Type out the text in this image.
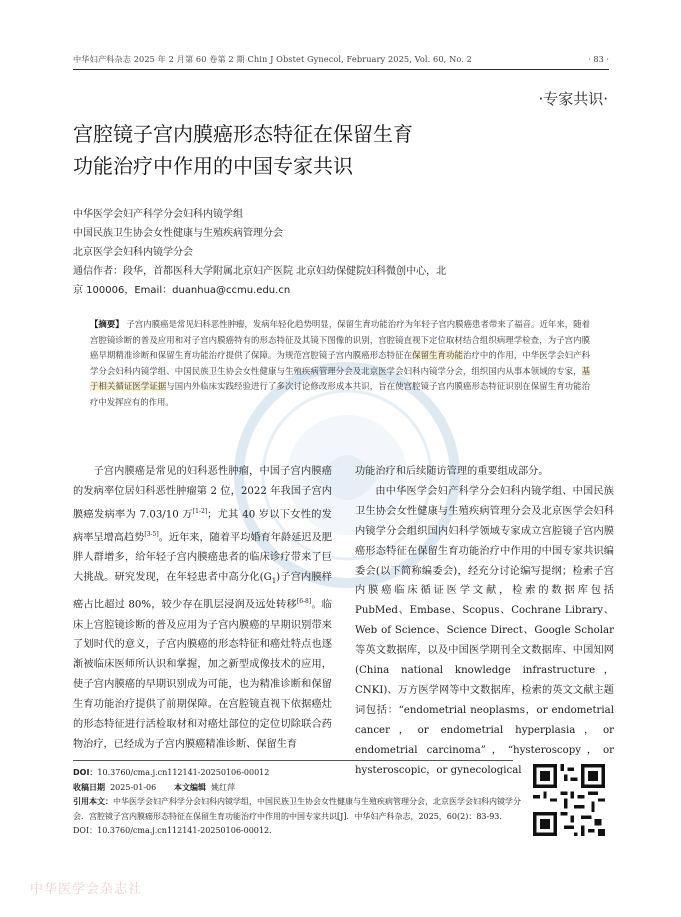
中华妇产科杂志 2025 年 2 月第 60 卷第 2 期 Chin J Obstet Gynecol, February 2025, Vol. 60, No. 2	· 83 ·
·专家共识·
宫腔镜子宫内膜癌形态特征在保留生育
功能治疗中作用的中国专家共识
中华医学会妇产科学分会妇科内镜学组
中国民族卫生协会女性健康与生殖疾病管理分会
北京医学会妇科内镜学分会
通信作者：段华，首都医科大学附属北京妇产医院 北京妇幼保健院妇科微创中心，北
京 100006，Email：duanhua@ccmu.edu.cn
【摘要】 子宫内膜癌是常见妇科恶性肿瘤，发病年轻化趋势明显，保留生育功能治疗为年轻子宫内膜癌患者带来了福音。近年来，随着宫腔镜诊断的普及应用和对子宫内膜癌特有的形态特征及其镜下图像的识别，宫腔镜直视下定位取材结合组织病理学检查，为子宫内膜癌早期精准诊断和保留生育功能治疗提供了保障。为规范宫腔镜子宫内膜癌形态特征在保留生育功能治疗中的作用，中华医学会妇产科学分会妇科内镜学组、中国民族卫生协会女性健康与生殖疾病管理分会及北京医学会妇科内镜学分会，组织国内从事本领域的专家，基于相关循证医学证据与国内外临床实践经验进行了多次讨论修改形成本共识，旨在使宫腔镜子宫内膜癌形态特征识别在保留生育功能治疗中发挥应有的作用。

子宫内膜癌是常见的妇科恶性肿瘤，中国子宫内膜癌的发病率位居妇科恶性肿瘤第 2 位，2022 年我国子宫内膜癌发病率为 7.03/10 万[1-2]；尤其 40 岁以下女性的发病率呈增高趋势[3-5]。近年来，随着平均婚育年龄延迟及肥胖人群增多，给年轻子宫内膜癌患者的临床诊疗带来了巨大挑战。研究发现，在年轻患者中高分化$(G_1)$子宫内膜样癌占比超过 80%，较少存在肌层浸润及远处转移[6-8]。临床上宫腔镜诊断的普及应用为子宫内膜癌的早期识别带来了划时代的意义，子宫内膜癌的形态特征和癌灶特点也逐渐被临床医师所认识和掌握，加之新型成像技术的应用，使子宫内膜癌的早期识别成为可能，也为精准诊断和保留生育功能治疗提供了前期保障。在宫腔镜直视下依据癌灶的形态特征进行活检取材和对癌灶部位的定位切除联合药物治疗，已经成为子宫内膜癌精准诊断、保留生育

功能治疗和后续随访管理的重要组成部分。

由中华医学会妇产科学分会妇科内镜学组、中国民族卫生协会女性健康与生殖疾病管理分会及北京医学会妇科内镜学分会组织国内妇科学领域专家成立宫腔镜子宫内膜癌形态特征在保留生育功能治疗中作用的中国专家共识编委会(以下简称编委会)，经充分讨论编写提纲；检索子宫内膜癌临床循证医学文献，检索的数据库包括 PubMed、Embase、Scopus、Cochrane Library、Web of Science、Science Direct、Google Scholar 等英文数据库，以及中国医学期刊全文数据库、中国知网(China national knowledge infrastructure，CNKI)、万方医学网等中文数据库，检索的英文文献主题词包括：“endometrial neoplasms，or endometrial cancer，or endometrial hyperplasia，or endometrial carcinoma”，“hysteroscopy，or hysteroscopic，or gynecological

DOI：10.3760/cma.j.cn112141-20250106-00012
收稿日期 2025-01-06 本文编辑 姚红萍
引用本文：中华医学会妇产科学分会妇科内镜学组，中国民族卫生协会女性健康与生殖疾病管理分会，北京医学会妇科内镜学分会．宫腔镜子宫内膜癌形态特征在保留生育功能治疗中作用的中国专家共识[J]．中华妇产科杂志，2025，60(2)：83-93．DOI：10.3760/cma.j.cn112141-20250106-00012.
中华医学会杂志社
